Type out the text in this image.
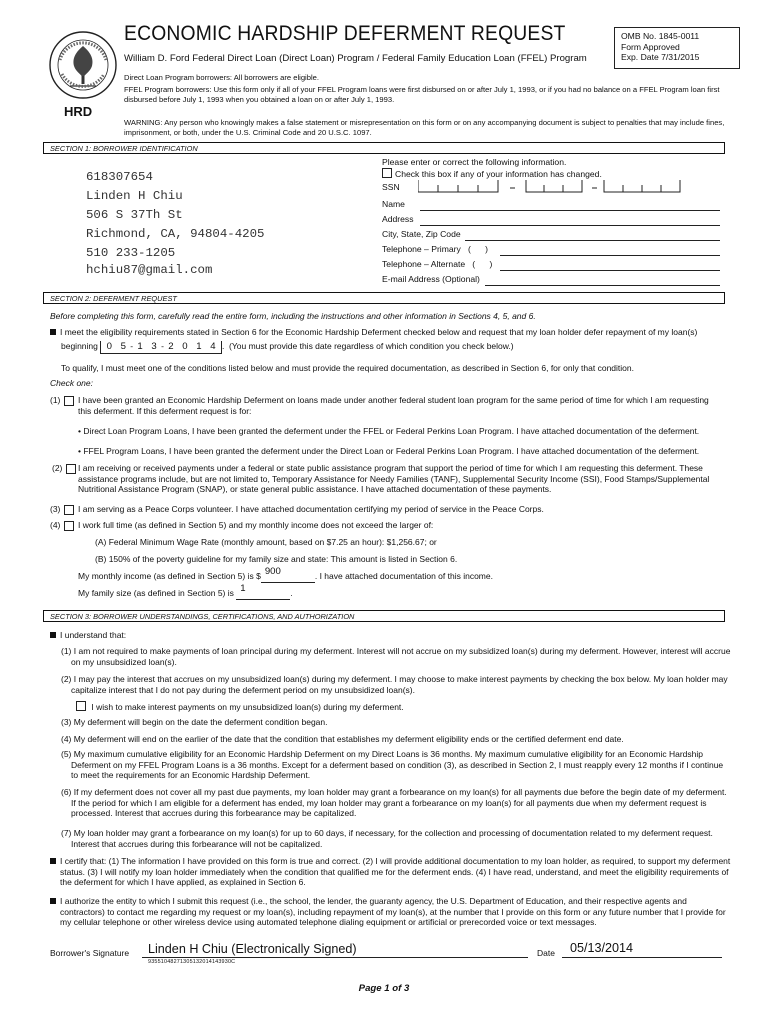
ECONOMIC HARDSHIP DEFERMENT REQUEST
William D. Ford Federal Direct Loan (Direct Loan) Program / Federal Family Education Loan (FFEL) Program
OMB No. 1845-0011
Form Approved
Exp. Date 7/31/2015
Direct Loan Program borrowers: All borrowers are eligible.
FFEL Program borrowers: Use this form only if all of your FFEL Program loans were first disbursed on or after July 1, 1993, or if you had no balance on a FFEL Program loan first disbursed before July 1, 1993 when you obtained a loan on or after July 1, 1993.
HRD
WARNING: Any person who knowingly makes a false statement or misrepresentation on this form or on any accompanying document is subject to penalties that may include fines, imprisonment, or both, under the U.S. Criminal Code and 20 U.S.C. 1097.
SECTION 1: BORROWER IDENTIFICATION
618307654
Linden H Chiu
506 S 37Th St
Richmond, CA, 94804-4205
510 233-1205
hchiu87@gmail.com
Please enter or correct the following information.
Check this box if any of your information has changed.
SSN
Name
Address
City, State, Zip Code
Telephone – Primary   (      )
Telephone – Alternate   (      )
E-mail Address (Optional)
SECTION 2: DEFERMENT REQUEST
Before completing this form, carefully read the entire form, including the instructions and other information in Sections 4, 5, and 6.
I meet the eligibility requirements stated in Section 6 for the Economic Hardship Deferment checked below and request that my loan holder defer repayment of my loan(s)
beginning 0 5 - 1 3 - 2 0 1 4 .  (You must provide this date regardless of which condition you check below.)
To qualify, I must meet one of the conditions listed below and must provide the required documentation, as described in Section 6, for only that condition.
Check one:
(1) I have been granted an Economic Hardship Deferment on loans made under another federal student loan program for the same period of time for which I am requesting this deferment. If this deferment request is for:
• Direct Loan Program Loans, I have been granted the deferment under the FFEL or Federal Perkins Loan Program. I have attached documentation of the deferment.
• FFEL Program Loans, I have been granted the deferment under the Direct Loan or Federal Perkins Loan Program. I have attached documentation of the deferment.
(2) I am receiving or received payments under a federal or state public assistance program that support the period of time for which I am requesting this deferment. These assistance programs include, but are not limited to, Temporary Assistance for Needy Families (TANF), Supplemental Security Income (SSI), Food Stamps/Supplemental Nutritional Assistance Program (SNAP), or state general public assistance. I have attached documentation of these payments.
(3) I am serving as a Peace Corps volunteer. I have attached documentation certifying my period of service in the Peace Corps.
(4) I work full time (as defined in Section 5) and my monthly income does not exceed the larger of:
(A) Federal Minimum Wage Rate (monthly amount, based on $7.25 an hour): $1,256.67; or
(B) 150% of the poverty guideline for my family size and state: This amount is listed in Section 6.
My monthly income (as defined in Section 5) is $ 900	. I have attached documentation of this income.
My family size (as defined in Section 5) is 1	.
SECTION 3: BORROWER UNDERSTANDINGS, CERTIFICATIONS, AND AUTHORIZATION
I understand that:
(1) I am not required to make payments of loan principal during my deferment. Interest will not accrue on my subsidized loan(s) during my deferment. However, interest will accrue on my unsubsidized loan(s).
(2) I may pay the interest that accrues on my unsubsidized loan(s) during my deferment. I may choose to make interest payments by checking the box below. My loan holder may capitalize interest that I do not pay during the deferment period on my unsubsidized loan(s).
I wish to make interest payments on my unsubsidized loan(s) during my deferment.
(3) My deferment will begin on the date the deferment condition began.
(4) My deferment will end on the earlier of the date that the condition that establishes my deferment eligibility ends or the certified deferment end date.
(5) My maximum cumulative eligibility for an Economic Hardship Deferment on my Direct Loans is 36 months. My maximum cumulative eligibility for an Economic Hardship Deferment on my FFEL Program Loans is a 36 months. Except for a deferment based on condition (3), as described in Section 2, I must reapply every 12 months if I continue to meet the requirements for an Economic Hardship Deferment.
(6) If my deferment does not cover all my past due payments, my loan holder may grant a forbearance on my loan(s) for all payments due before the begin date of my deferment. If the period for which I am eligible for a deferment has ended, my loan holder may grant a forbearance on my loan(s) for all payments due when my deferment request is processed. Interest that accrues during this forbearance may be capitalized.
(7) My loan holder may grant a forbearance on my loan(s) for up to 60 days, if necessary, for the collection and processing of documentation related to my deferment request. Interest that accrues during this forbearance will not be capitalized.
I certify that: (1) The information I have provided on this form is true and correct. (2) I will provide additional documentation to my loan holder, as required, to support my deferment status. (3) I will notify my loan holder immediately when the condition that qualified me for the deferment ends. (4) I have read, understand, and meet the eligibility requirements of the deferment for which I have applied, as explained in Section 6.
I authorize the entity to which I submit this request (i.e., the school, the lender, the guaranty agency, the U.S. Department of Education, and their respective agents and contractors) to contact me regarding my request or my loan(s), including repayment of my loan(s), at the number that I provide on this form or any future number that I provide for my cellular telephone or other wireless device using automated telephone dialing equipment or artificial or prerecorded voice or text messages.
Borrower's Signature Linden H Chiu (Electronically Signed)
93551048271305132014143930C
Date 05/13/2014
Page 1 of 3
